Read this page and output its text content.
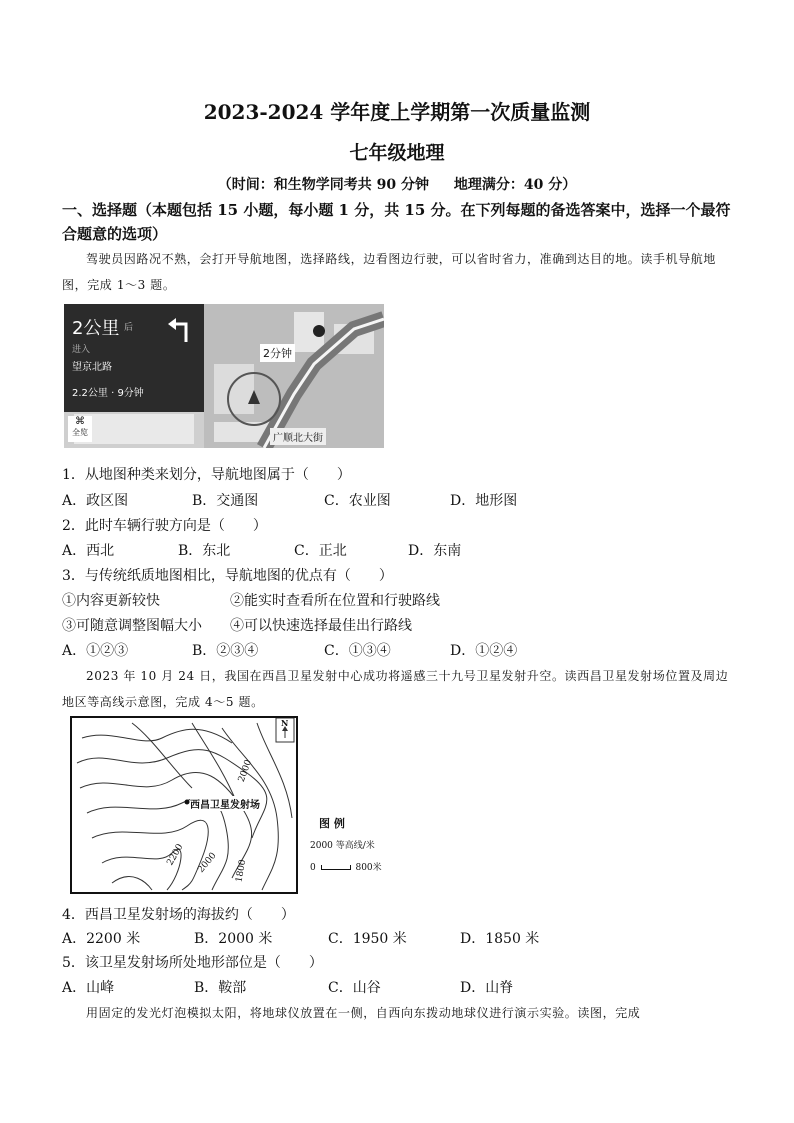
2023-2024 学年度上学期第一次质量监测
七年级地理
（时间：和生物学同考共 90 分钟 地理满分：40 分）
一、选择题（本题包括 15 小题，每小题 1 分，共 15 分。在下列每题的备选答案中，选择一个最符合题意的选项）
驾驶员因路况不熟，会打开导航地图，选择路线，边看图边行驶，可以省时省力，准确到达目的地。读手机导航地图，完成 1～3 题。
2公里 后
进入
望京北路
2.2公里 · 9分钟
2分钟
广顺北大街
⌘
全览
1．从地图种类来划分，导航地图属于（　　）
A．政区图	B．交通图	C．农业图	D．地形图
2．此时车辆行驶方向是（　　）
A．西北	B．东北	C．正北	D．东南
3．与传统纸质地图相比，导航地图的优点有（　　）
①内容更新较快	②能实时查看所在位置和行驶路线
③可随意调整图幅大小 ④可以快速选择最佳出行路线
A．①②③	B．②③④	C．①③④	D．①②④
2023 年 10 月 24 日，我国在西昌卫星发射中心成功将遥感三十九号卫星发射升空。读西昌卫星发射场位置及周边地区等高线示意图，完成 4～5 题。
N
西昌卫星发射场
2000
2200 2000 1800
图 例
2000 等高线/米
0	800米
4．西昌卫星发射场的海拔约（　　）
A．2200 米	B．2000 米	C．1950 米	D．1850 米
5．该卫星发射场所处地形部位是（　　）
A．山峰	B．鞍部	C．山谷	D．山脊
用固定的发光灯泡模拟太阳，将地球仪放置在一侧，自西向东拨动地球仪进行演示实验。读图，完成
